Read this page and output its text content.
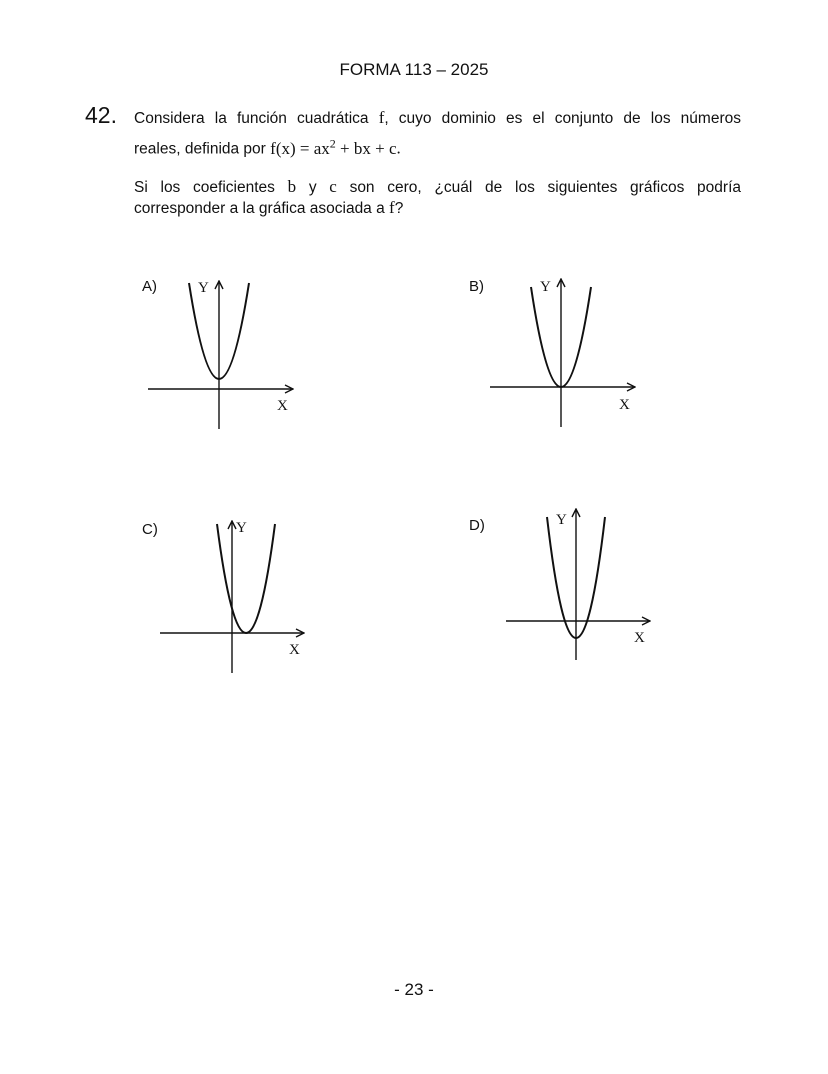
FORMA 113 – 2025
42. Considera la función cuadrática f, cuyo dominio es el conjunto de los números
reales, definida por $f(x) = ax^2$ + bx + c.
Si los coeficientes b y c son cero, ¿cuál de los siguientes gráficos podría
corresponder a la gráfica asociada a f?
A)	B)
C)	D)
Y
X
Y
X
Y
X
Y
X
- 23 -
